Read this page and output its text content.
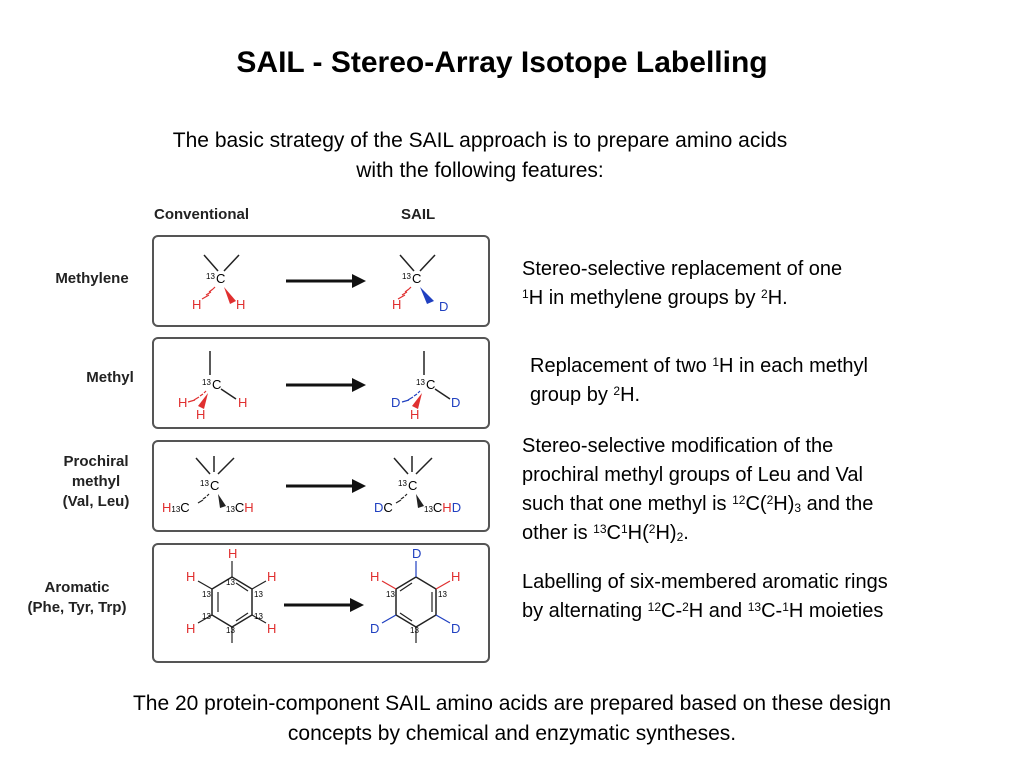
SAIL - Stereo-Array Isotope Labelling
The basic strategy of the SAIL approach is to prepare amino acids
with the following features:
Conventional	SAIL
Methylene
Methyl
Prochiral
methyl
(Val, Leu)
Aromatic
(Phe, Tyr, Trp)
13 C
H	H
13 C
H	D
13 C
H	H
H
13 C
D	D
H
13 C
H13C	13CH
13 C
DC	13CHD
H
H	H
H	H
13
13	13
13	13
13
D
H	H
D	D
13	13
13
Stereo-selective replacement of one
$^1$H in methylene groups by $^2$H.
Replacement of two $^1$H in each methyl
group by $^2$H.
Stereo-selective modification of the
prochiral methyl groups of Leu and Val
such that one methyl is $^{12}C(^2H)_3$ and the
other is $^{13}C^1H(^2H)_2$.
Labelling of six-membered aromatic rings
by alternating $^{12}$C-$^2$H and $^{13}$C-$^1$H moieties
The 20 protein-component SAIL amino acids are prepared based on these design
concepts by chemical and enzymatic syntheses.
